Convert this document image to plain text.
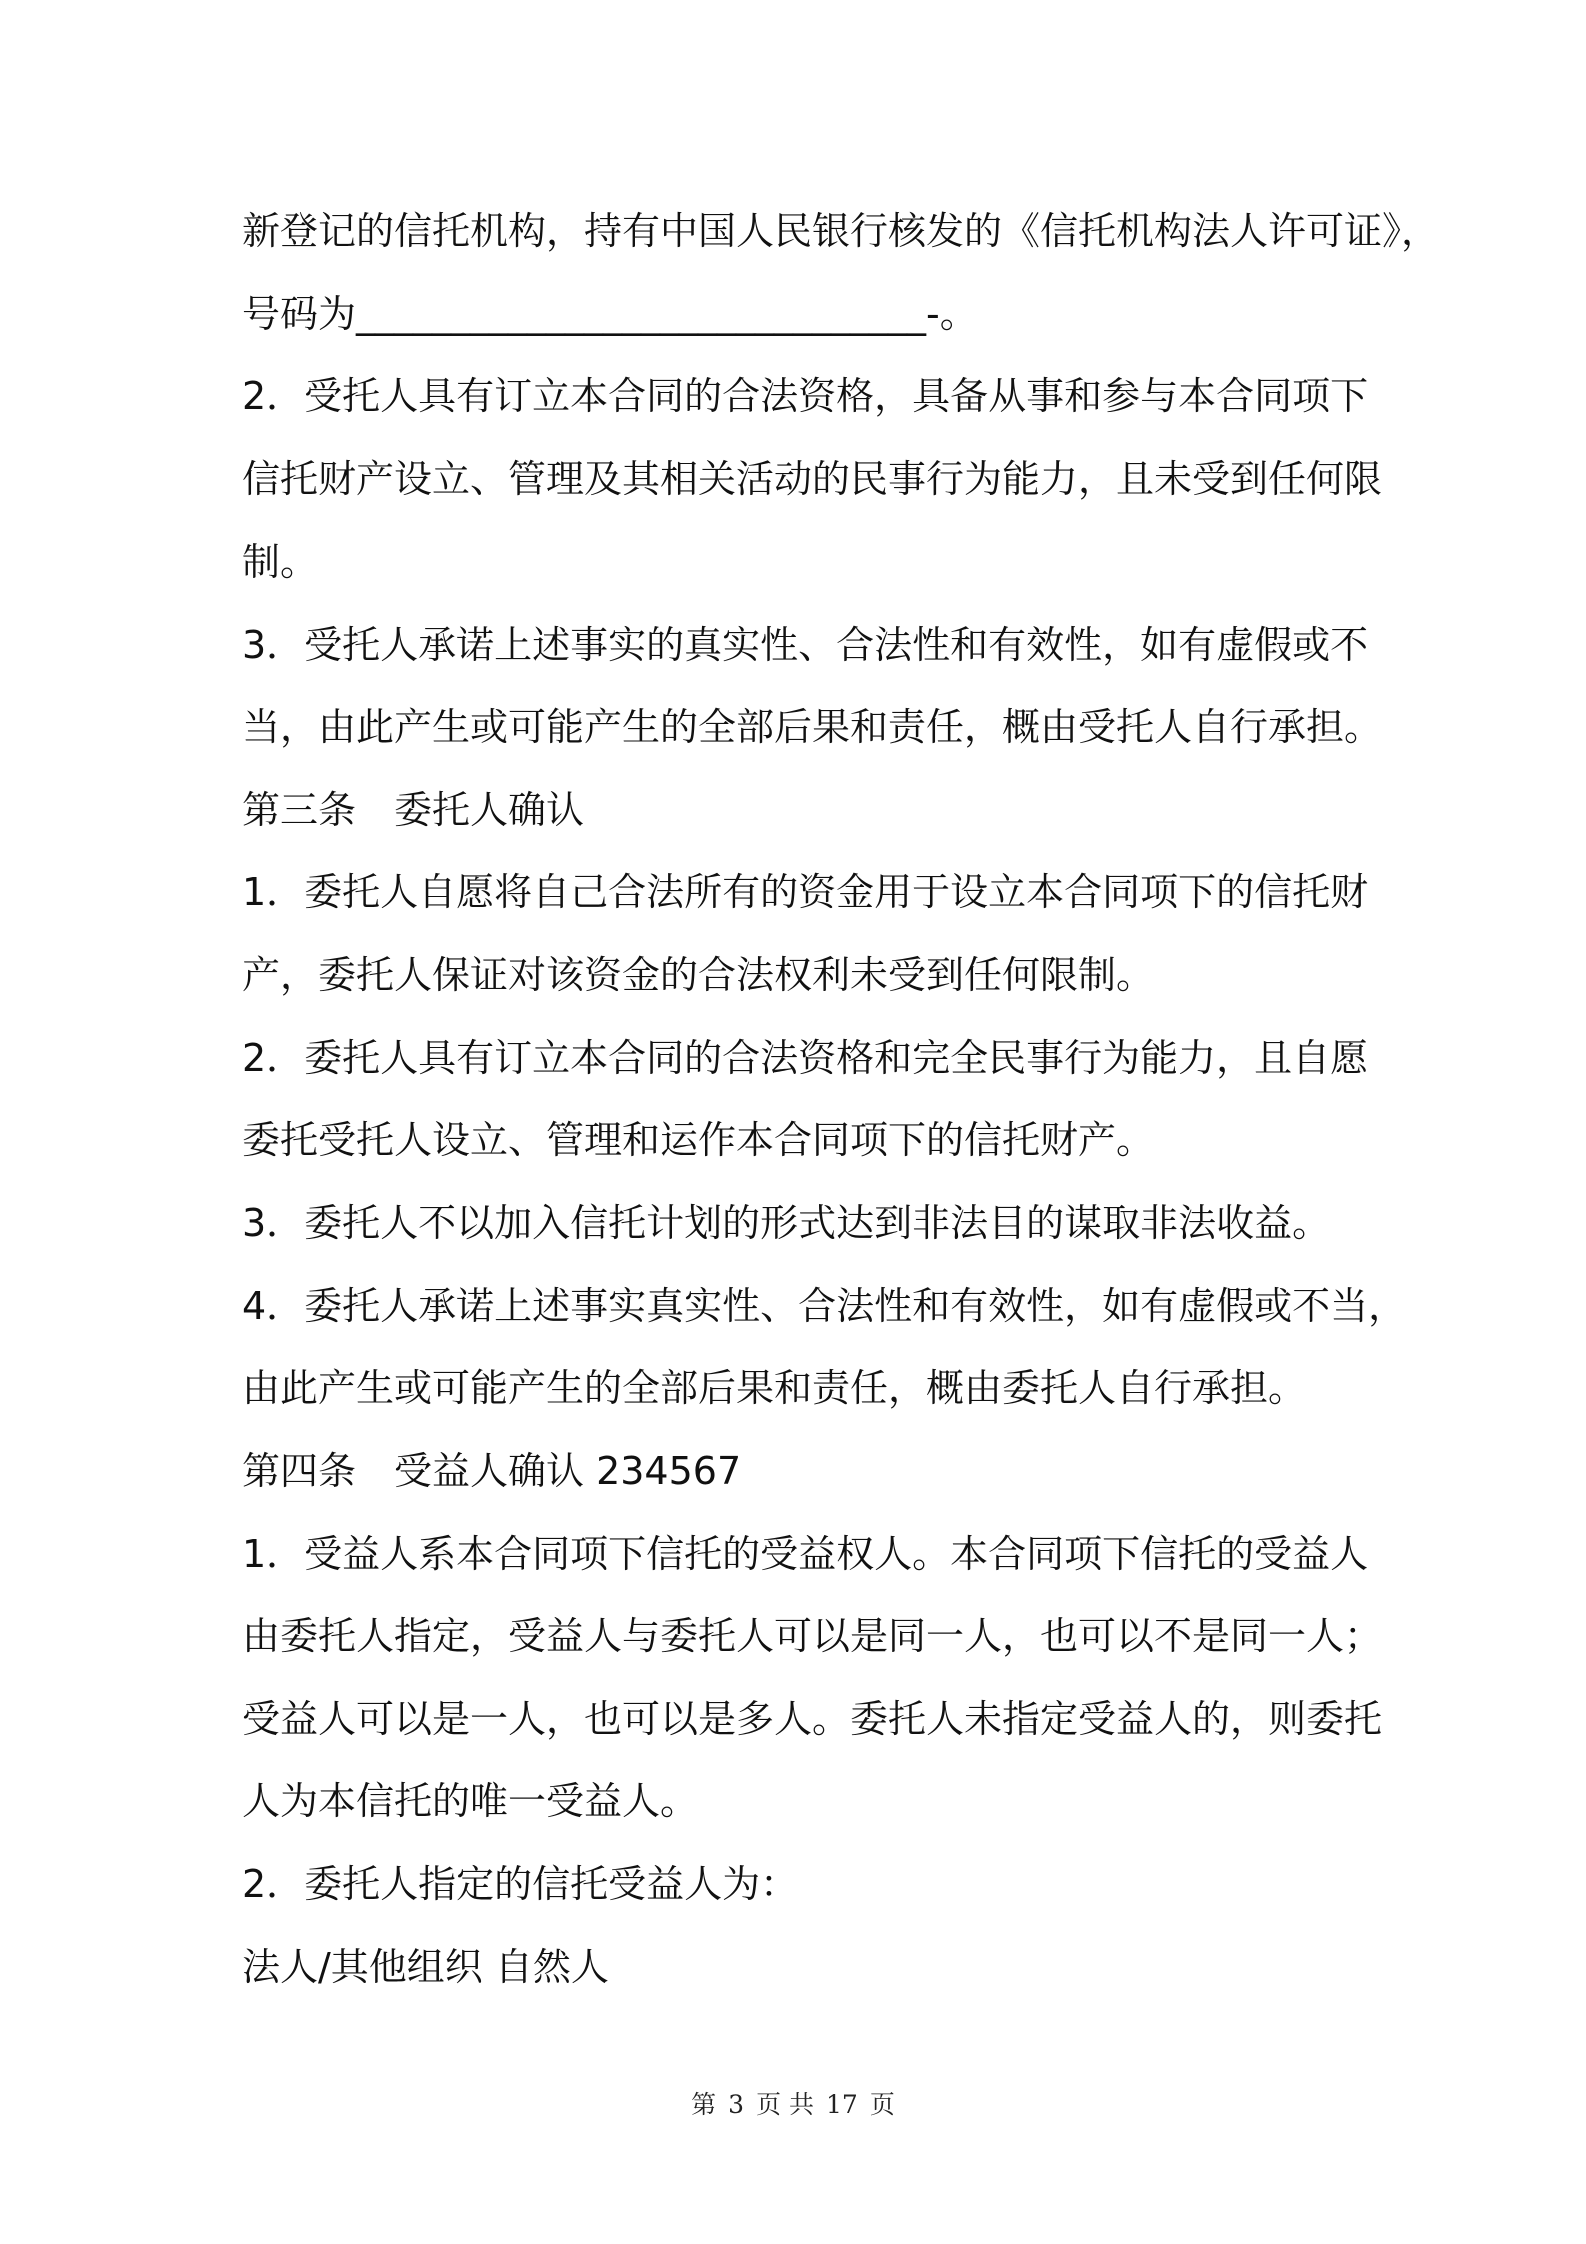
新登记的信托机构，持有中国人民银行核发的《信托机构法人许可证》，
号码为______________________________-。
2．受托人具有订立本合同的合法资格，具备从事和参与本合同项下
信托财产设立、管理及其相关活动的民事行为能力，且未受到任何限
制。
3．受托人承诺上述事实的真实性、合法性和有效性，如有虚假或不
当，由此产生或可能产生的全部后果和责任，概由受托人自行承担。
第三条　委托人确认
1．委托人自愿将自己合法所有的资金用于设立本合同项下的信托财
产，委托人保证对该资金的合法权利未受到任何限制。
2．委托人具有订立本合同的合法资格和完全民事行为能力，且自愿
委托受托人设立、管理和运作本合同项下的信托财产。
3．委托人不以加入信托计划的形式达到非法目的谋取非法收益。
4．委托人承诺上述事实真实性、合法性和有效性，如有虚假或不当，
由此产生或可能产生的全部后果和责任，概由委托人自行承担。
第四条　受益人确认 234567
1．受益人系本合同项下信托的受益权人。本合同项下信托的受益人
由委托人指定，受益人与委托人可以是同一人，也可以不是同一人；
受益人可以是一人，也可以是多人。委托人未指定受益人的，则委托
人为本信托的唯一受益人。
2．委托人指定的信托受益人为：
法人/其他组织 自然人
第 3 页 共 17 页
